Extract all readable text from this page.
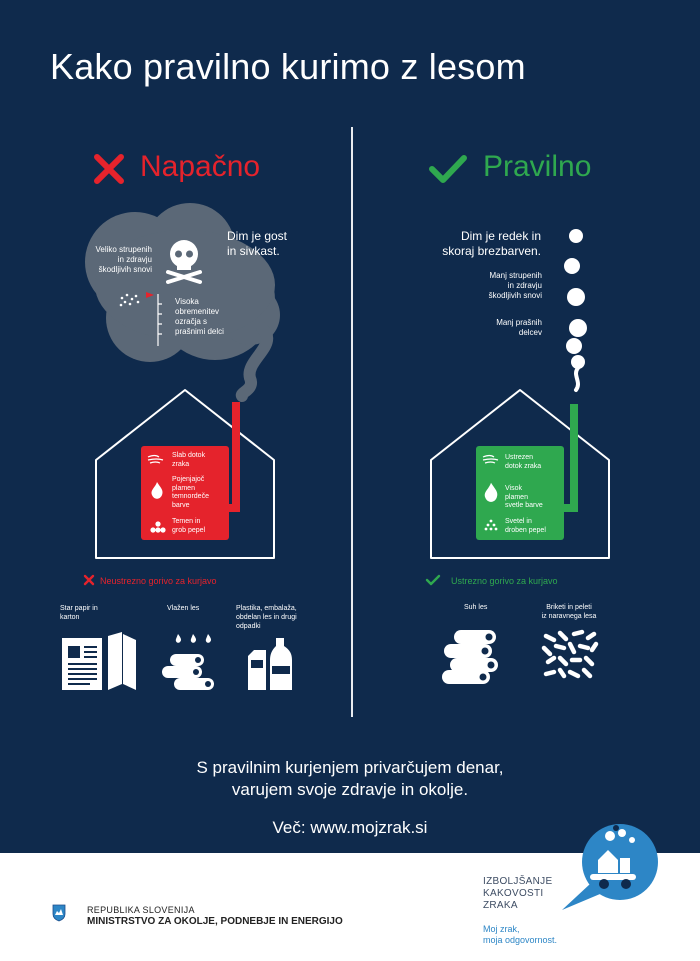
Kako pravilno kurimo z lesom
Napačno
Veliko strupenih
in zdravju
škodljivih snovi
Visoka
obremenitev
ozračja s
prašnimi delci
Dim je gost
in sivkast.
Slab dotok
zraka
Pojenjajoč
plamen
temnordeče
barve
Temen in
grob pepel
Neustrezno gorivo za kurjavo
Star papir in
karton
Vlažen les	Plastika, embalaža,
obdelan les in drugi
odpadki
Pravilno
Dim je redek in
skoraj brezbarven.
Manj strupenih
in zdravju
škodljivih snovi
Manj prašnih
delcev
Ustrezen
dotok zraka
Visok
plamen
svetle barve
Svetel in
droben pepel
Ustrezno gorivo za kurjavo
Suh les	Briketi in peleti
iz naravnega lesa
S pravilnim kurjenjem privarčujem denar,
varujem svoje zdravje in okolje.
Več: www.mojzrak.si
REPUBLIKA SLOVENIJA
MINISTRSTVO ZA OKOLJE, PODNEBJE IN ENERGIJO
IZBOLJŠANJE
KAKOVOSTI
ZRAKA
Moj zrak,
moja odgovornost.
